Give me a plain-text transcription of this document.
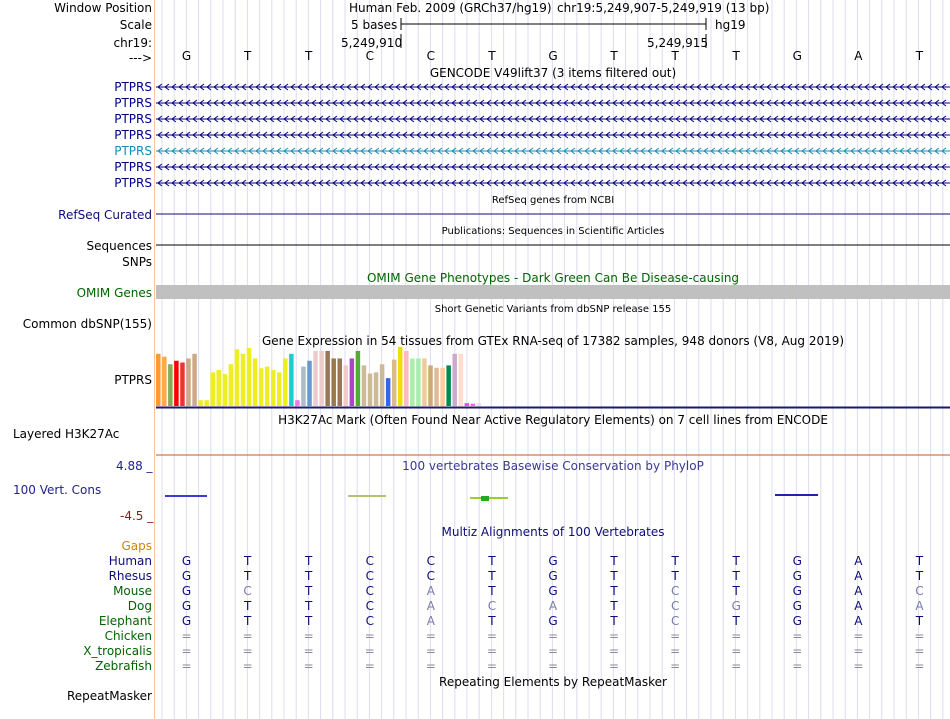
Window Position
Scale
chr19:
--->
Human Feb. 2009 (GRCh37/hg19) chr19:5,249,907-5,249,919 (13 bp)
5 bases	hg19
5,249,910	5,249,915
G	T	T	C	C	T	G	T	T	T	G	A	T
GENCODE V49lift37 (3 items filtered out)
PTPRS
PTPRS
PTPRS
PTPRS
PTPRS
PTPRS
PTPRS
RefSeq genes from NCBI
RefSeq Curated
Publications: Sequences in Scientific Articles
Sequences
SNPs
OMIM Gene Phenotypes - Dark Green Can Be Disease-causing
OMIM Genes
Short Genetic Variants from dbSNP release 155
Common dbSNP(155)
Gene Expression in 54 tissues from GTEx RNA-seq of 17382 samples, 948 donors (V8, Aug 2019)
PTPRS
H3K27Ac Mark (Often Found Near Active Regulatory Elements) on 7 cell lines from ENCODE
Layered H3K27Ac
100 vertebrates Basewise Conservation by PhyloP
4.88 _
100 Vert. Cons
-4.5 _
Multiz Alignments of 100 Vertebrates
Gaps
Human	G	T	T	C	C	T	G	T	T	T	G	A	T
Rhesus	G	T	T	C	C	T	G	T	T	T	G	A	T
Mouse	G	C	T	C	A	T	G	T	C	T	G	A	C
Dog	G	T	T	C	A	C	A	T	C	G	G	A	A
Elephant	G	T	T	C	A	T	G	T	C	T	G	A	T
Chicken	=	=	=	=	=	=	=	=	=	=	=	=	=
X_tropicalis	=	=	=	=	=	=	=	=	=	=	=	=	=
Zebrafish	=	=	=	=	=	=	=	=	=	=	=	=	=
Repeating Elements by RepeatMasker
RepeatMasker
